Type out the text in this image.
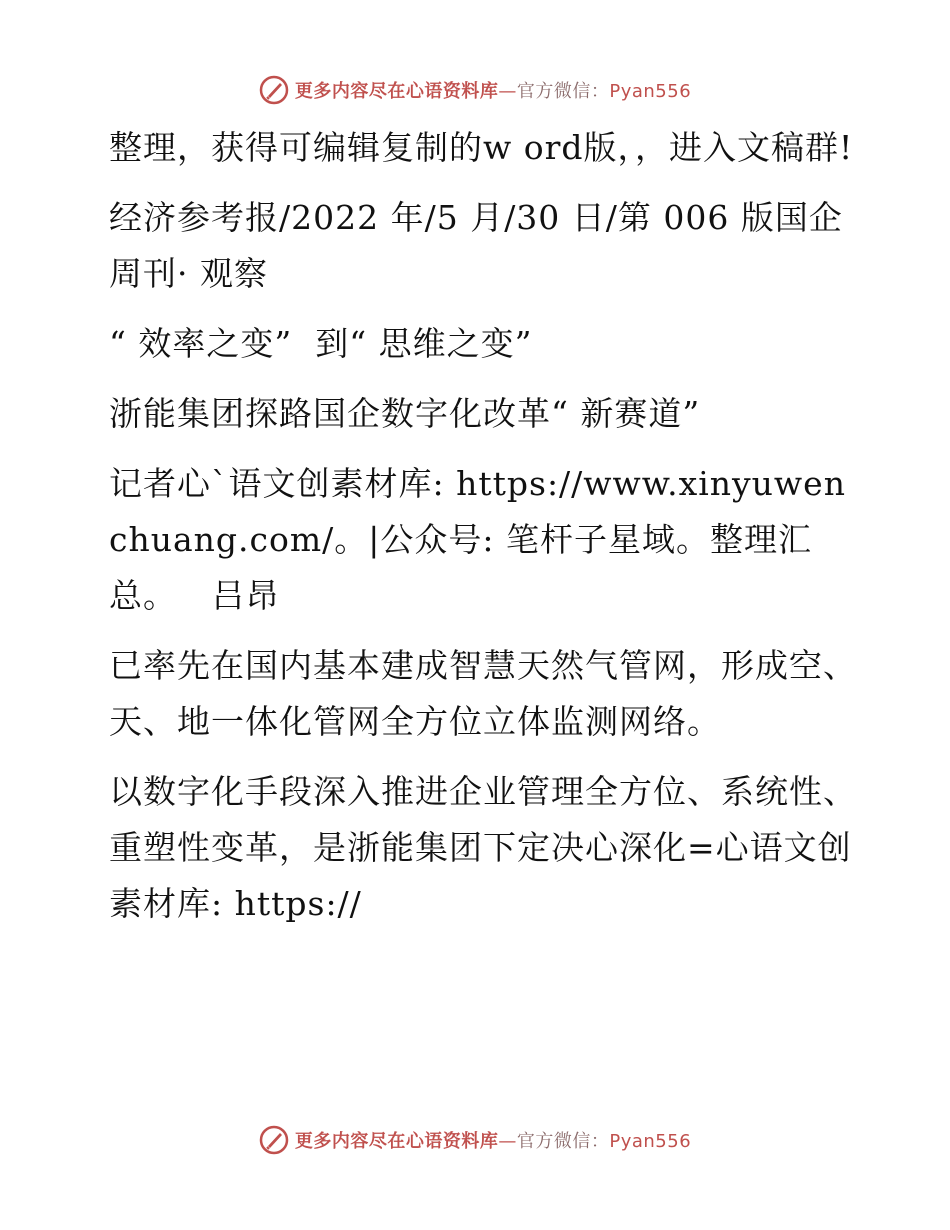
更多内容尽在心语资料库—官方微信：Pyan556

整理，获得可编辑复制的w ord版，，进入文稿群!

经济参考报/2022 年/5 月/30 日/第 006 版国企周刊· 观察

“ 效率之变”  到“ 思维之变”

浙能集团探路国企数字化改革“ 新赛道”

记者心`语文创素材库: https://www.xinyuwenchuang.com/。|公众号: 笔杆子星域。整理汇总。   吕昂

已率先在国内基本建成智慧天然气管网，形成空、天、地一体化管网全方位立体监测网络。

以数字化手段深入推进企业管理全方位、系统性、重塑性变革，是浙能集团下定决心深化=心语文创素材库: https://

更多内容尽在心语资料库—官方微信：Pyan556
